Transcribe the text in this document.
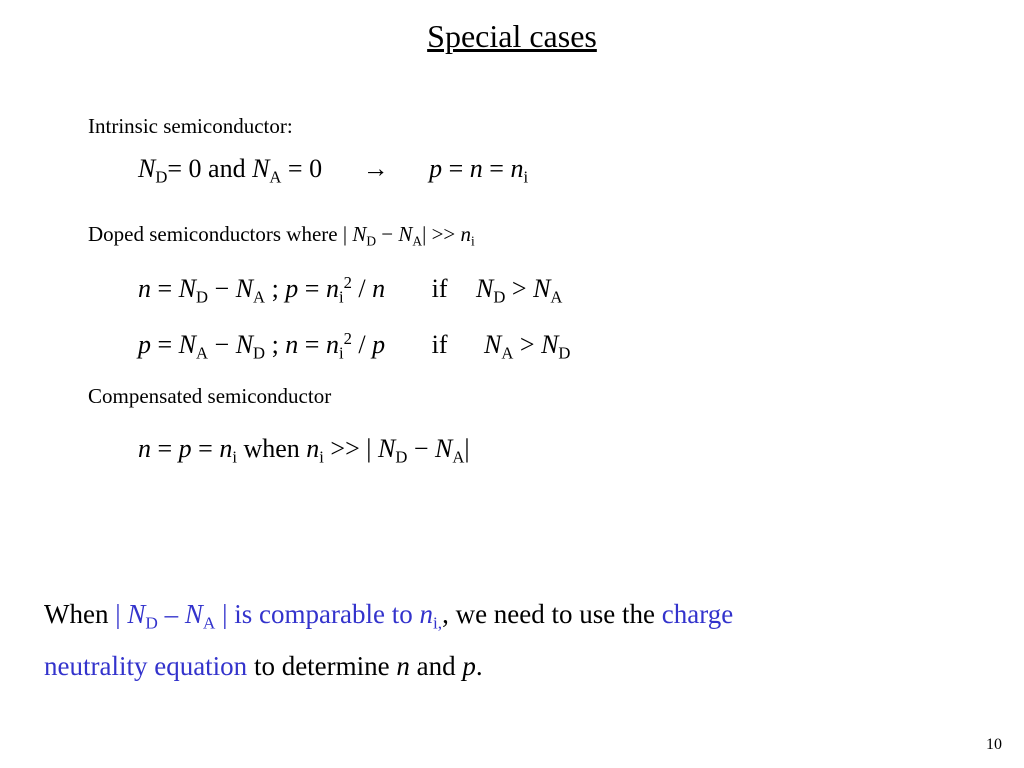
Special cases
Intrinsic semiconductor:
$N_D= 0$ and $N_A = 0 \to p = n = n_i$
Doped semiconductors where | $N_D - N_A| >> n_i$
$n = N_D - N_A$ ; $p = n_i^2 / n$ if $N_D > N_A$
$p = N_A - N_D$ ; $n = n_i^2 / p$ if $N_A > N_D$
Compensated semiconductor
$n = p = n_i$ when $n_i$ >> | $N_D - N_A|$
When | $N_D - N_A$ | is comparable to $n_{i,}$, we need to use the charge
neutrality equation to determine n and p.
10
